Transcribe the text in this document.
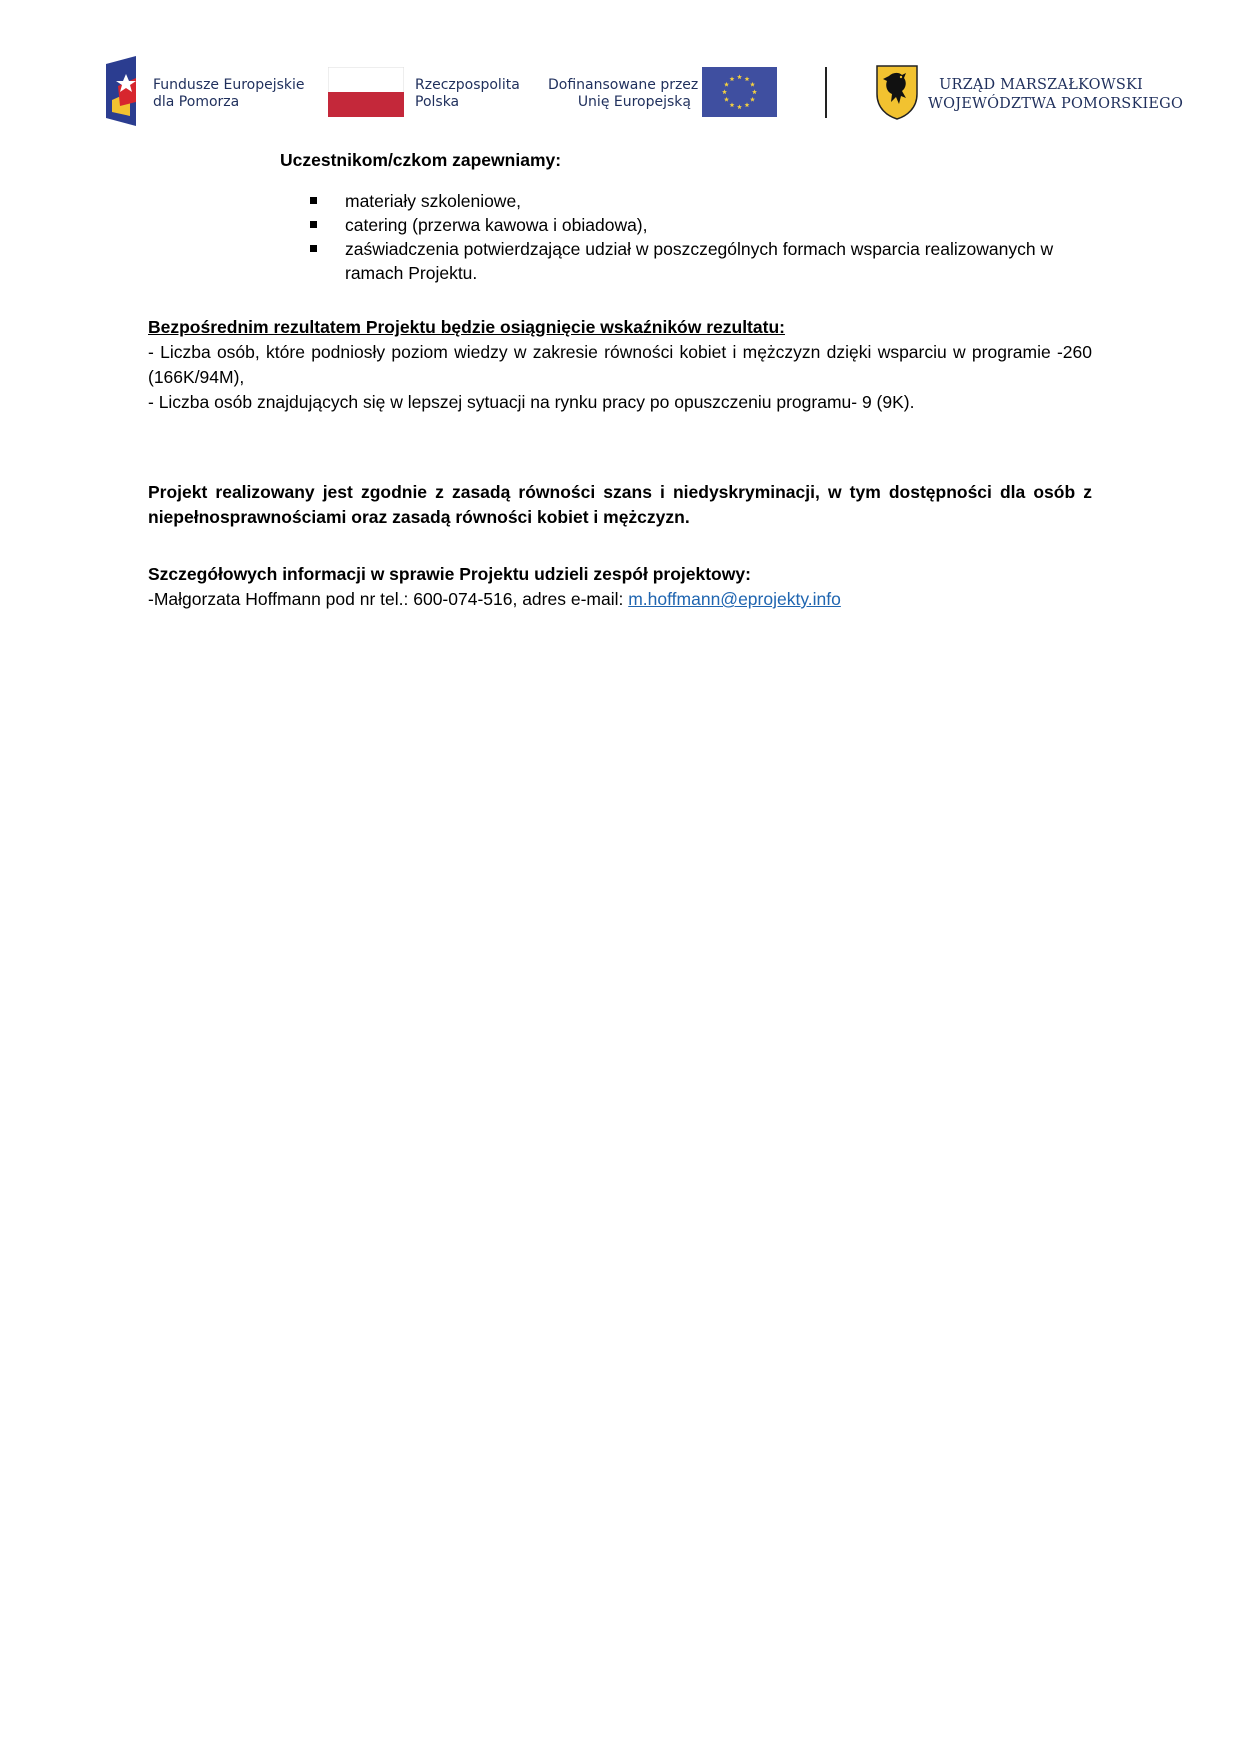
Fundusze Europejskie
dla Pomorza
Rzeczpospolita
Polska
Dofinansowane przez
Unię Europejską
URZĄD MARSZAŁKOWSKI
WOJEWÓDZTWA POMORSKIEGO
Uczestnikom/czkom zapewniamy:
materiały szkoleniowe,
catering (przerwa kawowa i obiadowa),
zaświadczenia potwierdzające udział w poszczególnych formach wsparcia realizowanych w ramach Projektu.
Bezpośrednim rezultatem Projektu będzie osiągnięcie wskaźników rezultatu:
- Liczba osób, które podniosły poziom wiedzy w zakresie równości kobiet i mężczyzn dzięki wsparciu w programie -260 (166K/94M),
- Liczba osób znajdujących się w lepszej sytuacji na rynku pracy po opuszczeniu programu- 9 (9K).
Projekt realizowany jest zgodnie z zasadą równości szans i niedyskryminacji, w tym dostępności dla osób z niepełnosprawnościami oraz zasadą równości kobiet i mężczyzn.
Szczegółowych informacji w sprawie Projektu udzieli zespół projektowy:
-Małgorzata Hoffmann pod nr tel.: 600-074-516, adres e-mail: m.hoffmann@eprojekty.info
